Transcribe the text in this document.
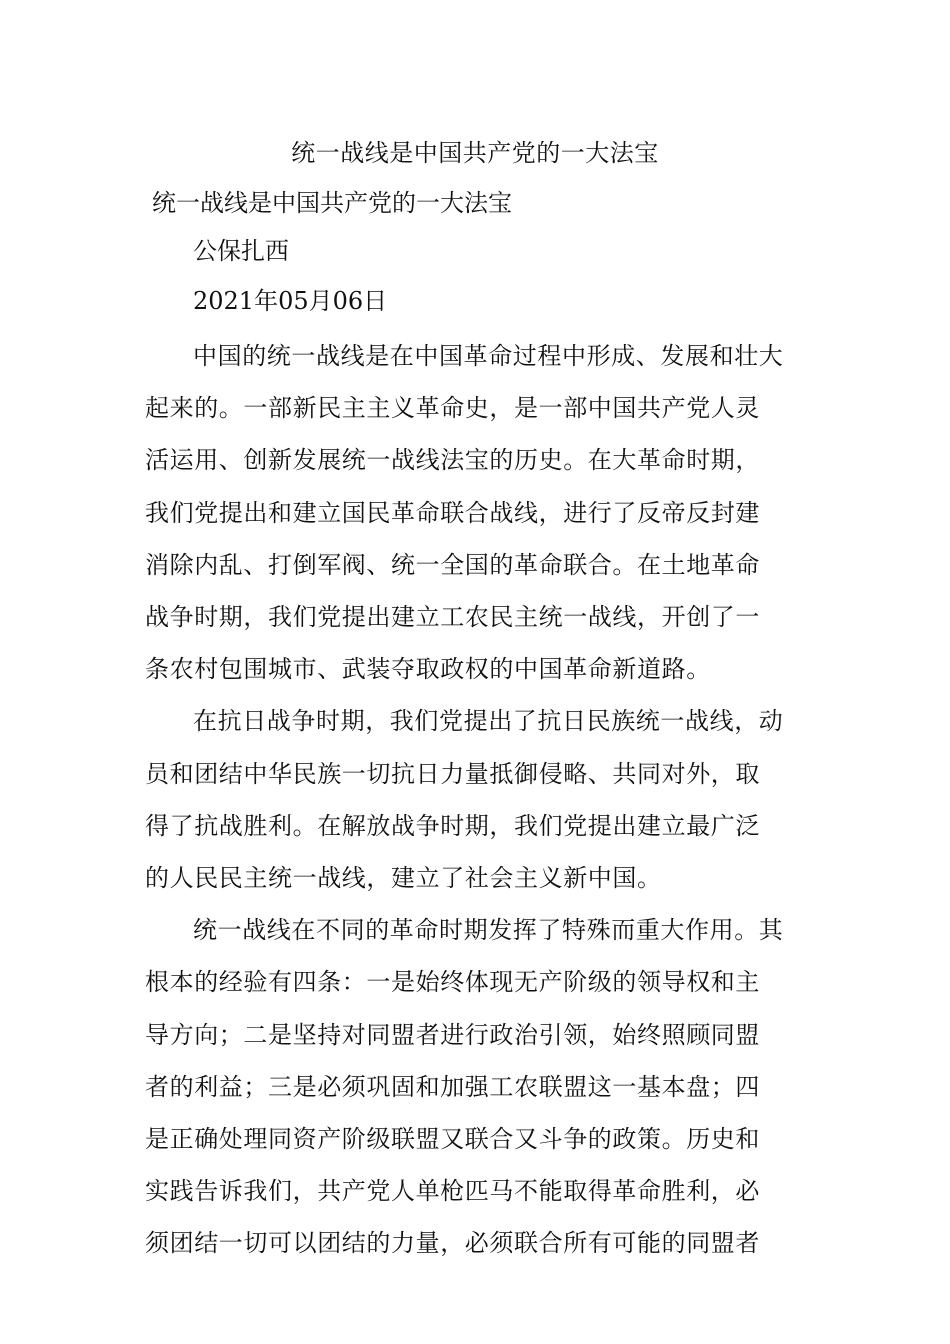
统一战线是中国共产党的一大法宝

统一战线是中国共产党的一大法宝

公保扎西

2021年05月06日

中国的统一战线是在中国革命过程中形成、发展和壮大
起来的。一部新民主主义革命史，是一部中国共产党人灵
活运用、创新发展统一战线法宝的历史。在大革命时期，
我们党提出和建立国民革命联合战线，进行了反帝反封建
消除内乱、打倒军阀、统一全国的革命联合。在土地革命
战争时期，我们党提出建立工农民主统一战线，开创了一
条农村包围城市、武装夺取政权的中国革命新道路。

在抗日战争时期，我们党提出了抗日民族统一战线，动
员和团结中华民族一切抗日力量抵御侵略、共同对外，取
得了抗战胜利。在解放战争时期，我们党提出建立最广泛
的人民民主统一战线，建立了社会主义新中国。

统一战线在不同的革命时期发挥了特殊而重大作用。其
根本的经验有四条：一是始终体现无产阶级的领导权和主
导方向；二是坚持对同盟者进行政治引领，始终照顾同盟
者的利益；三是必须巩固和加强工农联盟这一基本盘；四
是正确处理同资产阶级联盟又联合又斗争的政策。历史和
实践告诉我们，共产党人单枪匹马不能取得革命胜利，必
须团结一切可以团结的力量，必须联合所有可能的同盟者
